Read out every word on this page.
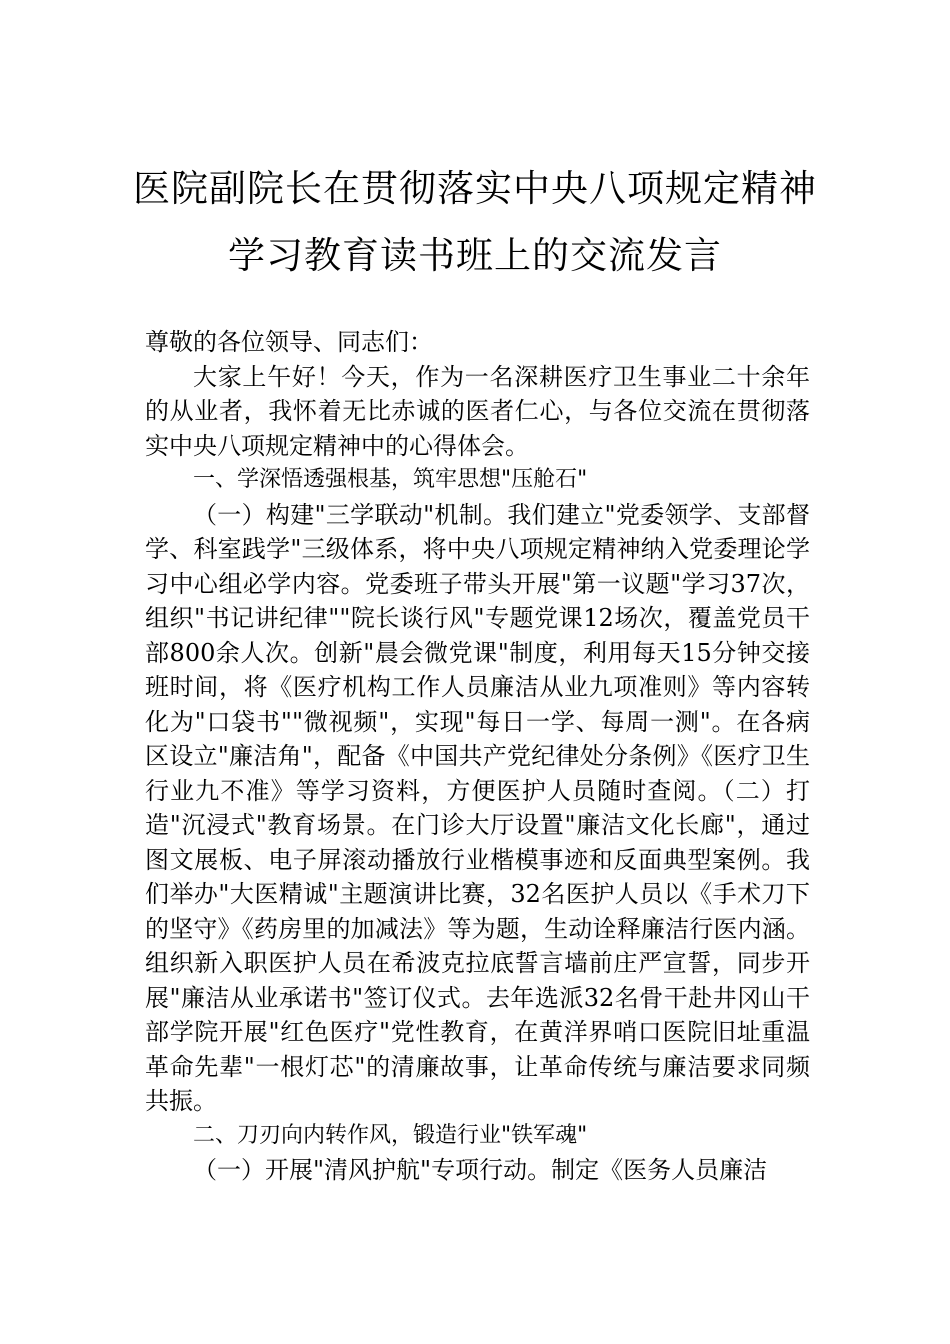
医院副院长在贯彻落实中央八项规定精神
学习教育读书班上的交流发言

尊敬的各位领导、同志们：

大家上午好！今天，作为一名深耕医疗卫生事业二十余年的从业者，我怀着无比赤诚的医者仁心，与各位交流在贯彻落实中央八项规定精神中的心得体会。

一、学深悟透强根基，筑牢思想"压舱石"

（一）构建"三学联动"机制。我们建立"党委领学、支部督学、科室践学"三级体系，将中央八项规定精神纳入党委理论学习中心组必学内容。党委班子带头开展"第一议题"学习37次，组织"书记讲纪律""院长谈行风"专题党课12场次，覆盖党员干部800余人次。创新"晨会微党课"制度，利用每天15分钟交接班时间，将《医疗机构工作人员廉洁从业九项准则》等内容转化为"口袋书""微视频"，实现"每日一学、每周一测"。在各病区设立"廉洁角"，配备《中国共产党纪律处分条例》《医疗卫生行业九不准》等学习资料，方便医护人员随时查阅。（二）打造"沉浸式"教育场景。在门诊大厅设置"廉洁文化长廊"，通过图文展板、电子屏滚动播放行业楷模事迹和反面典型案例。我们举办"大医精诚"主题演讲比赛，32名医护人员以《手术刀下的坚守》《药房里的加减法》等为题，生动诠释廉洁行医内涵。组织新入职医护人员在希波克拉底誓言墙前庄严宣誓，同步开展"廉洁从业承诺书"签订仪式。去年选派32名骨干赴井冈山干部学院开展"红色医疗"党性教育，在黄洋界哨口医院旧址重温革命先辈"一根灯芯"的清廉故事，让革命传统与廉洁要求同频共振。

二、刀刃向内转作风，锻造行业"铁军魂"

（一）开展"清风护航"专项行动。制定《医务人员廉洁
